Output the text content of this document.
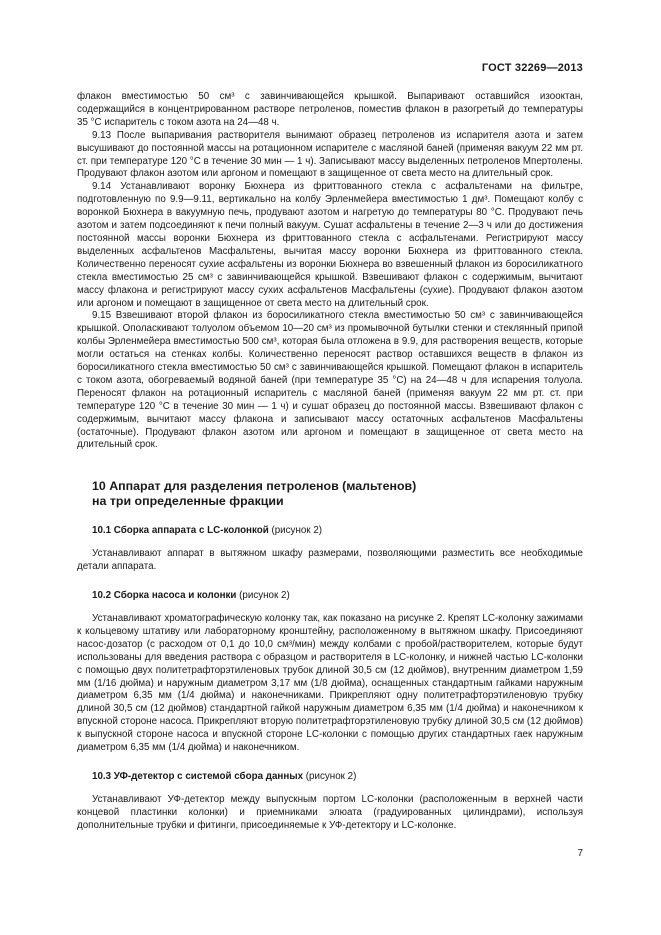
ГОСТ 32269—2013

флакон вместимостью 50 см³ с завинчивающейся крышкой. Выпаривают оставшийся изооктан, содержащийся в концентрированном растворе петроленов, поместив флакон в разогретый до температуры 35 °С испаритель с током азота на 24—48 ч.

9.13 После выпаривания растворителя вынимают образец петроленов из испарителя азота и затем высушивают до постоянной массы на ротационном испарителе с масляной баней (применяя вакуум 22 мм рт. ст. при температуре 120 °С в течение 30 мин — 1 ч). Записывают массу выделенных петроленов Mпертолены. Продувают флакон азотом или аргоном и помещают в защищенное от света место на длительный срок.

9.14 Устанавливают воронку Бюхнера из фриттованного стекла с асфальтенами на фильтре, подготовленную по 9.9—9.11, вертикально на колбу Эрленмейера вместимостью 1 дм³. Помещают колбу с воронкой Бюхнера в вакуумную печь, продувают азотом и нагретую до температуры 80 °С. Продувают печь азотом и затем подсоединяют к печи полный вакуум. Сушат асфальтены в течение 2—3 ч или до достижения постоянной массы воронки Бюхнера из фриттованного стекла с асфальтенами. Регистрируют массу выделенных асфальтенов Mасфальтены, вычитая массу воронки Бюхнера из фриттованного стекла. Количественно переносят сухие асфальтены из воронки Бюхнера во взвешенный флакон из боросиликатного стекла вместимостью 25 см³ с завинчивающейся крышкой. Взвешивают флакон с содержимым, вычитают массу флакона и регистрируют массу сухих асфальтенов Mасфальтены (сухие). Продувают флакон азотом или аргоном и помещают в защищенное от света место на длительный срок.

9.15 Взвешивают второй флакон из боросиликатного стекла вместимостью 50 см³ с завинчивающейся крышкой. Ополаскивают толуолом объемом 10—20 см³ из промывочной бутылки стенки и стеклянный припой колбы Эрленмейера вместимостью 500 см³, которая была отложена в 9.9, для растворения веществ, которые могли остаться на стенках колбы. Количественно переносят раствор оставшихся веществ в флакон из боросиликатного стекла вместимостью 50 см³ с завинчивающейся крышкой. Помещают флакон в испаритель с током азота, обогреваемый водяной баней (при температуре 35 °С) на 24—48 ч для испарения толуола. Переносят флакон на ротационный испаритель с масляной баней (применяя вакуум 22 мм рт. ст. при температуре 120 °С в течение 30 мин — 1 ч) и сушат образец до постоянной массы. Взвешивают флакон с содержимым, вычитают массу флакона и записывают массу остаточных асфальтенов Mасфальтены (остаточные). Продувают флакон азотом или аргоном и помещают в защищенное от света место на длительный срок.

10 Аппарат для разделения петроленов (мальтенов)
на три определенные фракции
10.1 Сборка аппарата с LC-колонкой (рисунок 2)

Устанавливают аппарат в вытяжном шкафу размерами, позволяющими разместить все необходимые детали аппарата.

10.2 Сборка насоса и колонки (рисунок 2)

Устанавливают хроматографическую колонку так, как показано на рисунке 2. Крепят LC-колонку зажимами к кольцевому штативу или лабораторному кронштейну, расположенному в вытяжном шкафу. Присоединяют насос-дозатор (с расходом от 0,1 до 10,0 см³/мин) между колбами с пробой/растворителем, которые будут использованы для введения раствора с образцом и растворителя в LC-колонку, и нижней частью LC-колонки с помощью двух политетрафторэтиленовых трубок длиной 30,5 см (12 дюймов), внутренним диаметром 1,59 мм (1/16 дюйма) и наружным диаметром 3,17 мм (1/8 дюйма), оснащенных стандартным гайками наружным диаметром 6,35 мм (1/4 дюйма) и наконечниками. Прикрепляют одну политетрафторэтиленовую трубку длиной 30,5 см (12 дюймов) стандартной гайкой наружным диаметром 6,35 мм (1/4 дюйма) и наконечником к впускной стороне насоса. Прикрепляют вторую политетрафторэтиленовую трубку длиной 30,5 см (12 дюймов) к выпускной стороне насоса и впускной стороне LC-колонки с помощью других стандартных гаек наружным диаметром 6,35 мм (1/4 дюйма) и наконечником.

10.3 УФ-детектор с системой сбора данных (рисунок 2)

Устанавливают УФ-детектор между выпускным портом LC-колонки (расположенным в верхней части концевой пластинки колонки) и приемниками элюата (градуированных цилиндрами), используя дополнительные трубки и фитинги, присоединяемые к УФ-детектору и LC-колонке.

7
